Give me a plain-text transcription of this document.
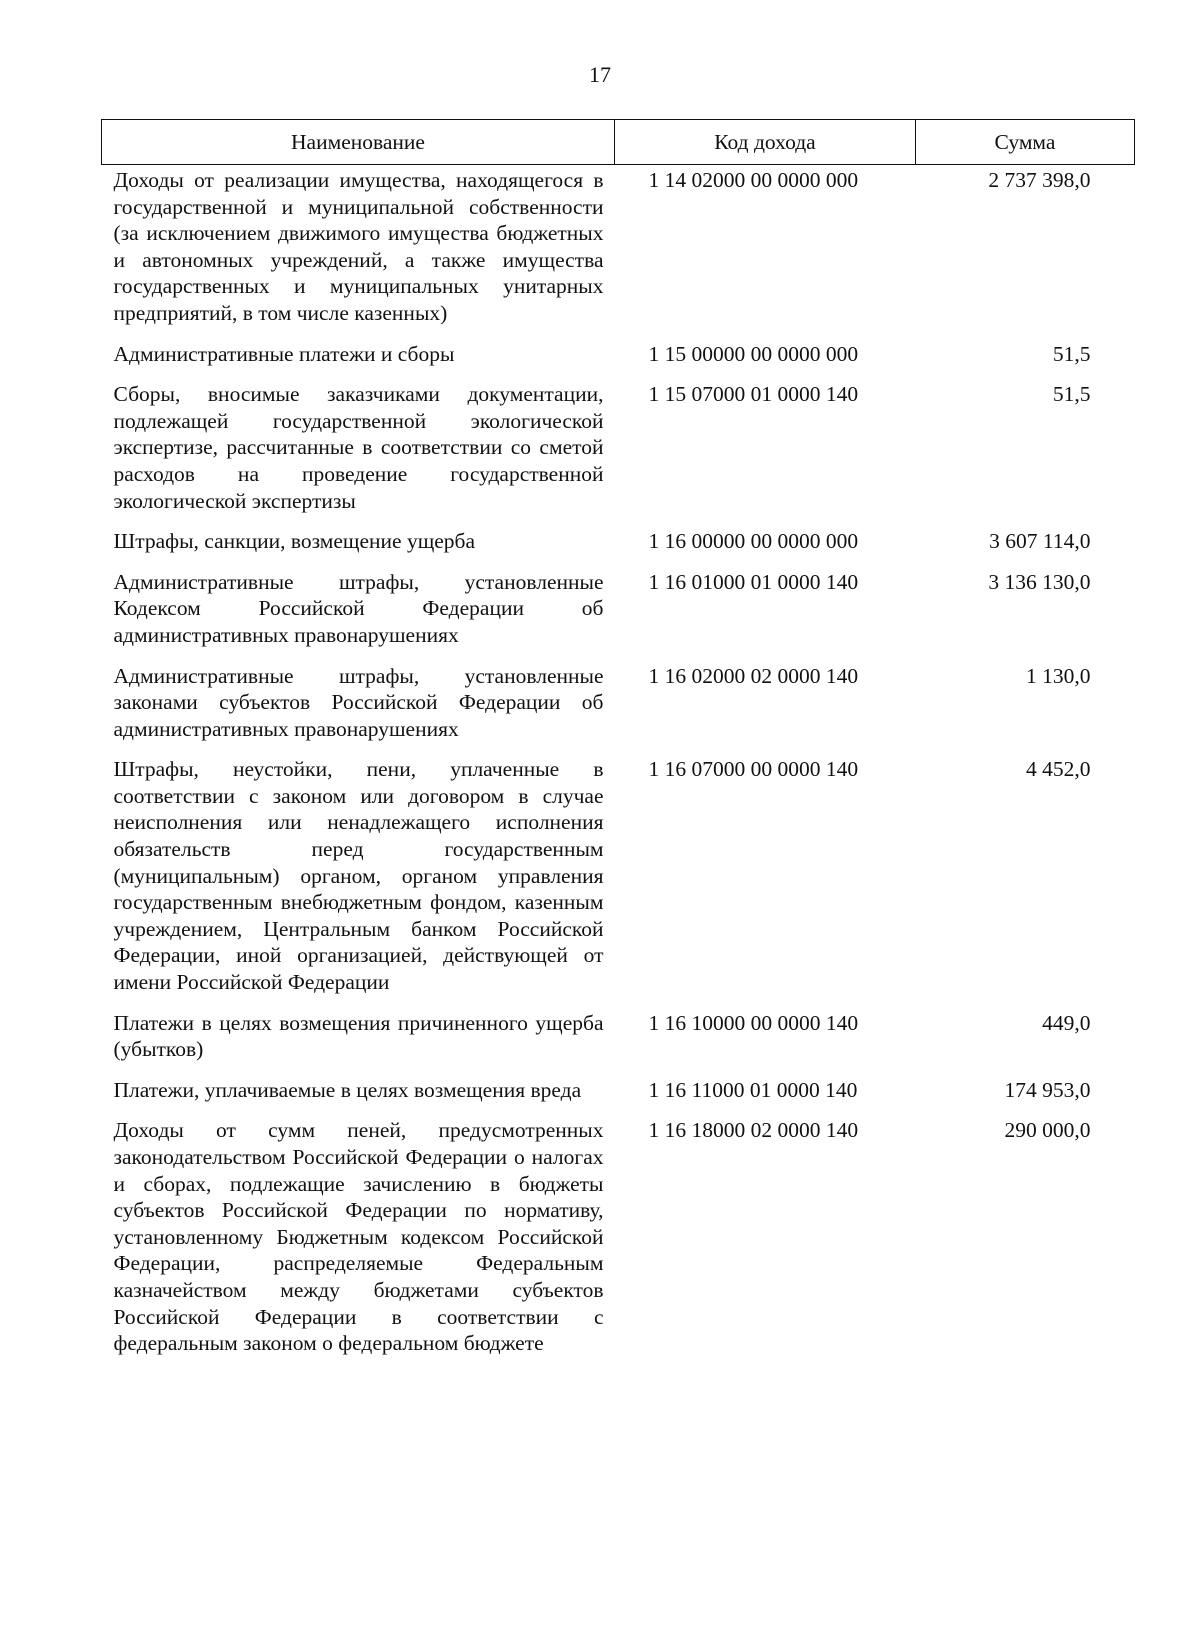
17
Наименование	Код дохода	Сумма
Доходы от реализации имущества, находящегося в государственной и муниципальной собственности (за исключением движимого имущества бюджетных и автономных учреждений, а также имущества государственных и муниципальных унитарных предприятий, в том числе казенных)	1 14 02000 00 0000 000	2 737 398,0
Административные платежи и сборы	1 15 00000 00 0000 000	51,5
Сборы, вносимые заказчиками документации, подлежащей государственной экологической экспертизе, рассчитанные в соответствии со сметой расходов на проведение государственной экологической экспертизы	1 15 07000 01 0000 140	51,5
Штрафы, санкции, возмещение ущерба	1 16 00000 00 0000 000	3 607 114,0
Административные штрафы, установленные Кодексом Российской Федерации об административных правонарушениях	1 16 01000 01 0000 140	3 136 130,0
Административные штрафы, установленные законами субъектов Российской Федерации об административных правонарушениях	1 16 02000 02 0000 140	1 130,0
Штрафы, неустойки, пени, уплаченные в соответствии с законом или договором в случае неисполнения или ненадлежащего исполнения обязательств перед государственным (муниципальным) органом, органом управления государственным внебюджетным фондом, казенным учреждением, Центральным банком Российской Федерации, иной организацией, действующей от имени Российской Федерации	1 16 07000 00 0000 140	4 452,0
Платежи в целях возмещения причиненного ущерба (убытков)	1 16 10000 00 0000 140	449,0
Платежи, уплачиваемые в целях возмещения вреда	1 16 11000 01 0000 140	174 953,0
Доходы от сумм пеней, предусмотренных законодательством Российской Федерации о налогах и сборах, подлежащие зачислению в бюджеты субъектов Российской Федерации по нормативу, установленному Бюджетным кодексом Российской Федерации, распределяемые Федеральным казначейством между бюджетами субъектов Российской Федерации в соответствии с федеральным законом о федеральном бюджете	1 16 18000 02 0000 140	290 000,0
